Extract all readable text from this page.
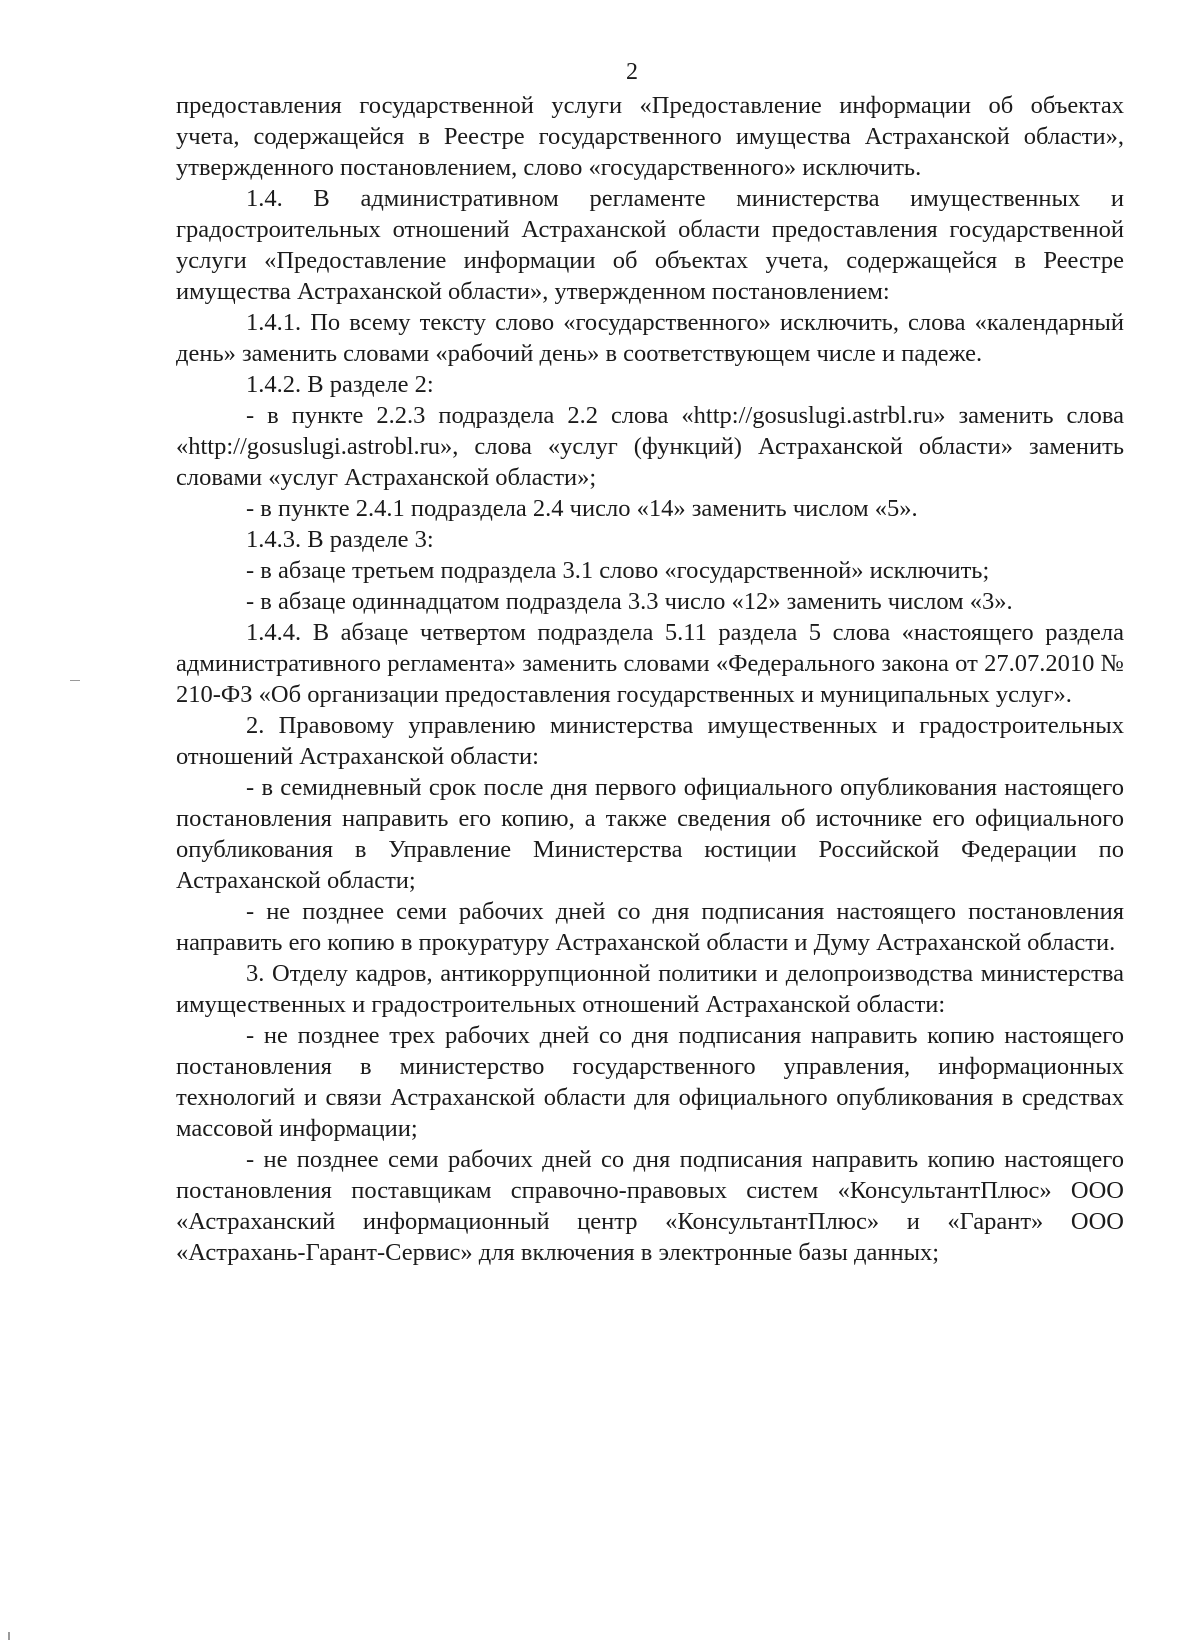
2

предоставления государственной услуги «Предоставление информации об объектах учета, содержащейся в Реестре государственного имущества Астраханской области», утвержденного постановлением, слово «государственного» исключить.

1.4. В административном регламенте министерства имущественных и градостроительных отношений Астраханской области предоставления государственной услуги «Предоставление информации об объектах учета, содержащейся в Реестре имущества Астраханской области», утвержденном постановлением:

1.4.1. По всему тексту слово «государственного» исключить, слова «календарный день» заменить словами «рабочий день» в соответствующем числе и падеже.

1.4.2. В разделе 2:

- в пункте 2.2.3 подраздела 2.2 слова «http://gosuslugi.astrbl.ru» заменить слова «http://gosuslugi.astrobl.ru», слова «услуг (функций) Астраханской области» заменить словами «услуг Астраханской области»;

- в пункте 2.4.1 подраздела 2.4 число «14» заменить числом «5».

1.4.3. В разделе 3:

- в абзаце третьем подраздела 3.1 слово «государственной» исключить;

- в абзаце одиннадцатом подраздела 3.3 число «12» заменить числом «3».

1.4.4. В абзаце четвертом подраздела 5.11 раздела 5 слова «настоящего раздела административного регламента» заменить словами «Федерального закона от 27.07.2010 № 210-ФЗ «Об организации предоставления государственных и муниципальных услуг».

2. Правовому управлению министерства имущественных и градостроительных отношений Астраханской области:

- в семидневный срок после дня первого официального опубликования настоящего постановления направить его копию, а также сведения об источнике его официального опубликования в Управление Министерства юстиции Российской Федерации по Астраханской области;

- не позднее семи рабочих дней со дня подписания настоящего постановления направить его копию в прокуратуру Астраханской области и Думу Астраханской области.

3. Отделу кадров, антикоррупционной политики и делопроизводства министерства имущественных и градостроительных отношений Астраханской области:

- не позднее трех рабочих дней со дня подписания направить копию настоящего постановления в министерство государственного управления, информационных технологий и связи Астраханской области для официального опубликования в средствах массовой информации;

- не позднее семи рабочих дней со дня подписания направить копию настоящего постановления поставщикам справочно-правовых систем «КонсультантПлюс» ООО «Астраханский информационный центр «КонсультантПлюс» и «Гарант» ООО «Астрахань-Гарант-Сервис» для включения в электронные базы данных;
